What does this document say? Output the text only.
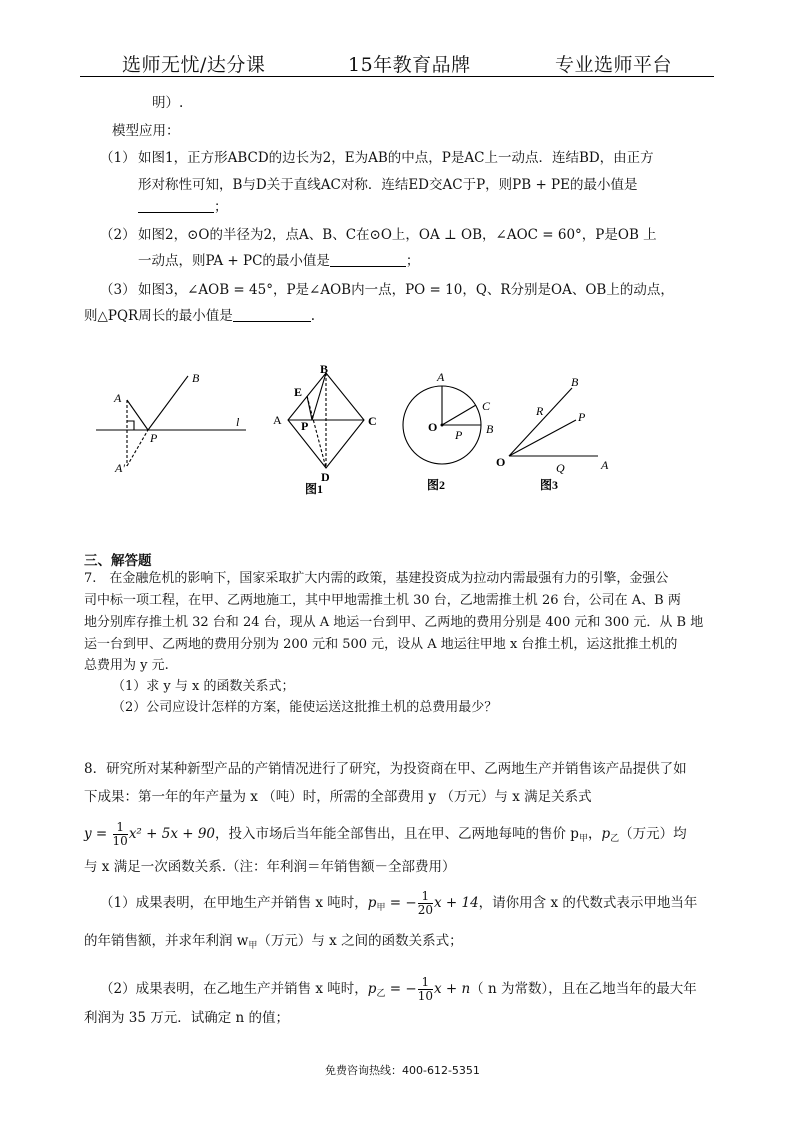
选师无忧/达分课	15年教育品牌	专业选师平台
明）.
模型应用：
（1） 如图1，正方形ABCD的边长为2，E为AB的中点，P是AC上一动点．连结BD，由正方
形对称性可知，B与D关于直线AC对称．连结ED交AC于P，则PB + PE的最小值是
；
（2） 如图2，⊙O的半径为2，点A、B、C在⊙O上，OA ⊥ OB，∠AOC = 60°，P是OB 上
一动点，则PA + PC的最小值是	；
（3） 如图3，∠AOB = 45°，P是∠AOB内一点，PO = 10，Q、R分别是OA、OB上的动点，
则△PQR周长的最小值是	.
B
A
P
l
A'
B
E
A P	C
D
图1
A
C
O
P B
图2
B
R	P
O	Q	A
图3
三、解答题
7.　在金融危机的影响下，国家采取扩大内需的政策，基建投资成为拉动内需最强有力的引擎，金强公
司中标一项工程，在甲、乙两地施工，其中甲地需推土机 30 台，乙地需推土机 26 台，公司在 A、B 两
地分别库存推土机 32 台和 24 台，现从 A 地运一台到甲、乙两地的费用分别是 400 元和 300 元．从 B 地
运一台到甲、乙两地的费用分别为 200 元和 500 元，设从 A 地运往甲地 x 台推土机，运这批推土机的
总费用为 y 元.
（1）求 y 与 x 的函数关系式；
（2）公司应设计怎样的方案，能使运送这批推土机的总费用最少？
8．研究所对某种新型产品的产销情况进行了研究，为投资商在甲、乙两地生产并销售该产品提供了如
下成果：第一年的年产量为 x （吨）时，所需的全部费用 y （万元）与 x 满足关系式
$y = \frac{1}{10} x^2 + 5x + 90$，投入市场后当年能全部售出，且在甲、乙两地每吨的售价 $p_甲$，$p_乙$（万元）均
与 x 满足一次函数关系.（注：年利润＝年销售额－全部费用）
（1）成果表明，在甲地生产并销售 x 吨时，$p_甲$ = − $\frac{1}{20}$ x + 14，请你用含 x 的代数式表示甲地当年
的年销售额，并求年利润 $w_甲$（万元）与 x 之间的函数关系式；
（2）成果表明，在乙地生产并销售 x 吨时，$p_乙$ = − $\frac{1}{10}$ x + n（ n 为常数），且在乙地当年的最大年
利润为 35 万元．试确定 n 的值；
免费咨询热线：400-612-5351
